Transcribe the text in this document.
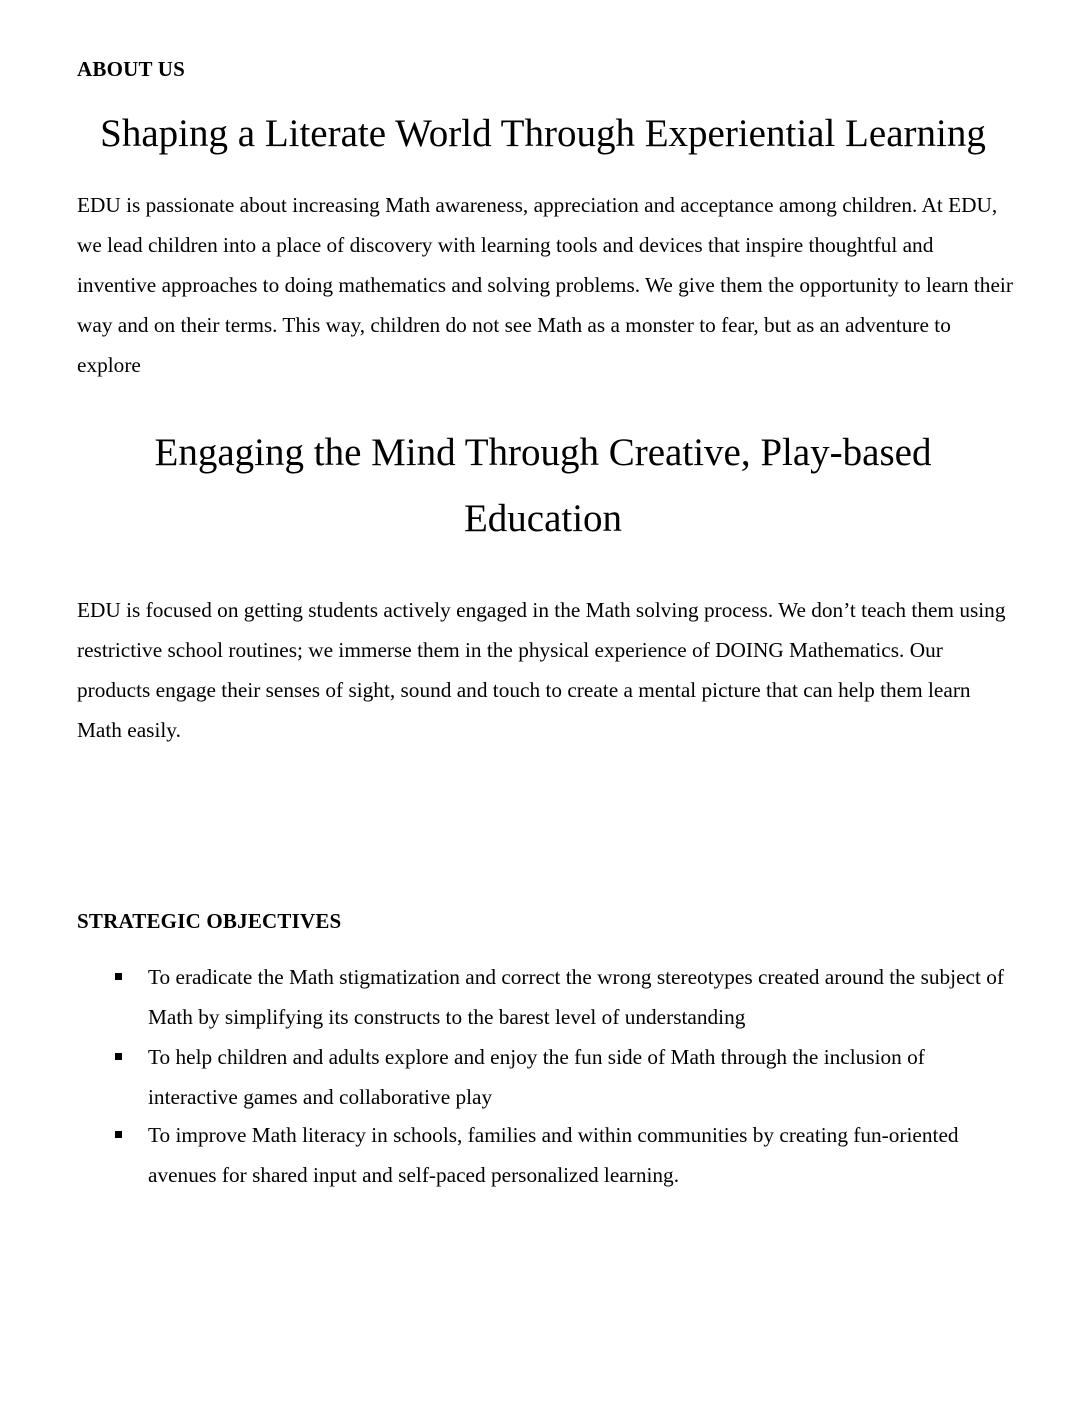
ABOUT US
Shaping a Literate World Through Experiential Learning

EDU is passionate about increasing Math awareness, appreciation and acceptance among children. At EDU, we lead children into a place of discovery with learning tools and devices that inspire thoughtful and inventive approaches to doing mathematics and solving problems. We give them the opportunity to learn their way and on their terms. This way, children do not see Math as a monster to fear, but as an adventure to explore

Engaging the Mind Through Creative, Play-based Education

EDU is focused on getting students actively engaged in the Math solving process. We don’t teach them using restrictive school routines; we immerse them in the physical experience of DOING Mathematics. Our products engage their senses of sight, sound and touch to create a mental picture that can help them learn Math easily.

STRATEGIC OBJECTIVES
To eradicate the Math stigmatization and correct the wrong stereotypes created around the subject of Math by simplifying its constructs to the barest level of understanding
To help children and adults explore and enjoy the fun side of Math through the inclusion of interactive games and collaborative play
To improve Math literacy in schools, families and within communities by creating fun-oriented avenues for shared input and self-paced personalized learning.
